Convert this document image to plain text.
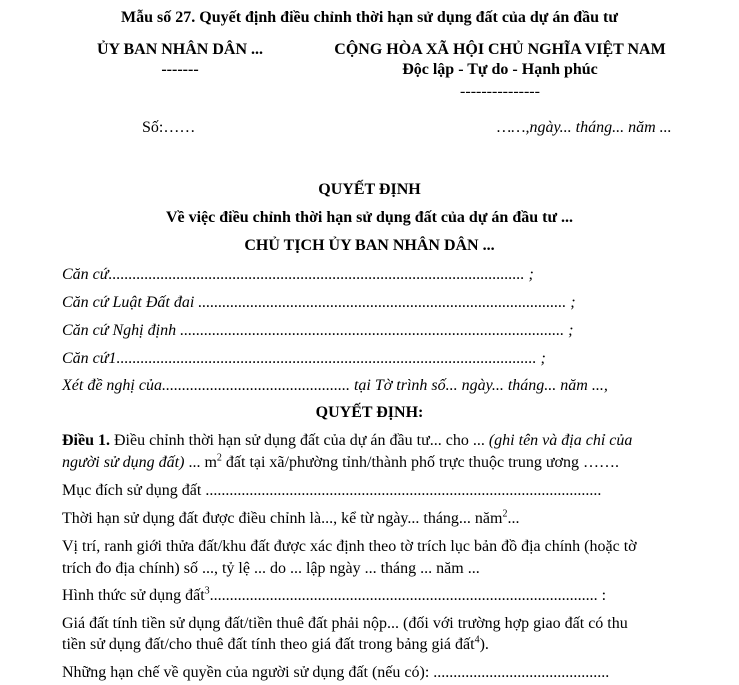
Mẫu số 27. Quyết định điều chỉnh thời hạn sử dụng đất của dự án đầu tư
ỦY BAN NHÂN DÂN ...
-------
CỘNG HÒA XÃ HỘI CHỦ NGHĨA VIỆT NAM
Độc lập - Tự do - Hạnh phúc
---------------
Số:……	……,ngày... tháng... năm ...
QUYẾT ĐỊNH
Về việc điều chỉnh thời hạn sử dụng đất của dự án đầu tư ...
CHỦ TỊCH ỦY BAN NHÂN DÂN ...
Căn cứ........................................................................................................ ;
Căn cứ Luật Đất đai ............................................................................................ ;
Căn cứ Nghị định ................................................................................................ ;
Căn cứ1......................................................................................................... ;
Xét đề nghị của............................................... tại Tờ trình số... ngày... tháng... năm ...,
QUYẾT ĐỊNH:
Điều 1. Điều chỉnh thời hạn sử dụng đất của dự án đầu tư... cho ... (ghi tên và địa chỉ của
người sử dụng đất) ... $m^2$ đất tại xã/phường tỉnh/thành phố trực thuộc trung ương …….
Mục đích sử dụng đất ...................................................................................................
Thời hạn sử dụng đất được điều chỉnh là..., kể từ ngày... tháng... năm$^2$...
Vị trí, ranh giới thửa đất/khu đất được xác định theo tờ trích lục bản đồ địa chính (hoặc tờ
trích đo địa chính) số ..., tỷ lệ ... do ... lập ngày ... tháng ... năm ...
Hình thức sử dụng đất$^3$................................................................................................. :
Giá đất tính tiền sử dụng đất/tiền thuê đất phải nộp... (đối với trường hợp giao đất có thu
tiền sử dụng đất/cho thuê đất tính theo giá đất trong bảng giá đất$^4$).
Những hạn chế về quyền của người sử dụng đất (nếu có): ............................................
